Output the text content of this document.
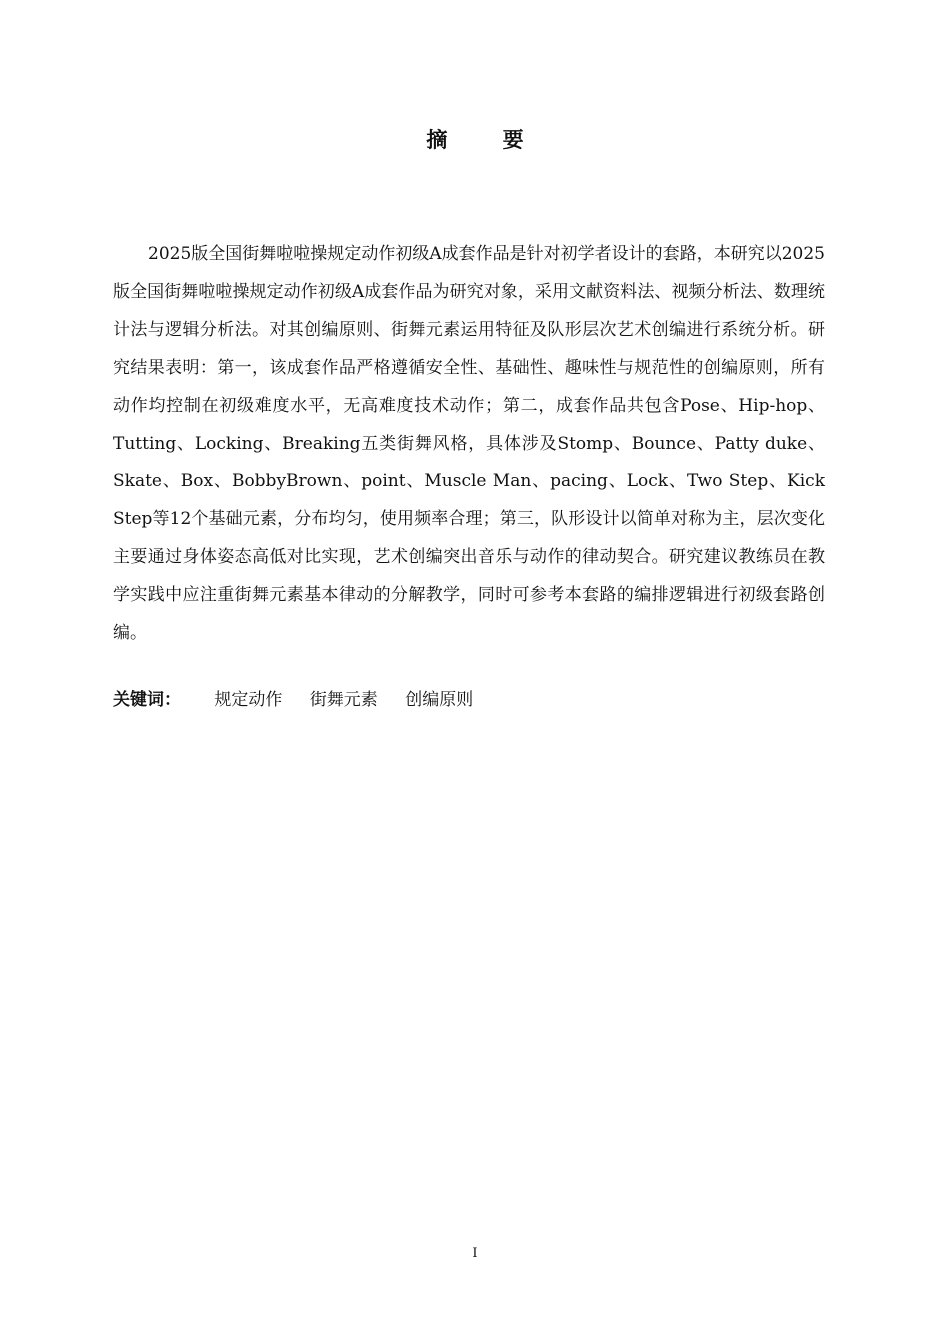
摘 要

2025版全国街舞啦啦操规定动作初级A成套作品是针对初学者设计的套路，本研究以2025版全国街舞啦啦操规定动作初级A成套作品为研究对象，采用文献资料法、视频分析法、数理统计法与逻辑分析法。对其创编原则、街舞元素运用特征及队形层次艺术创编进行系统分析。研究结果表明：第一，该成套作品严格遵循安全性、基础性、趣味性与规范性的创编原则，所有动作均控制在初级难度水平，无高难度技术动作；第二，成套作品共包含Pose、Hip-hop、Tutting、Locking、Breaking五类街舞风格，具体涉及Stomp、Bounce、Patty duke、Skate、Box、BobbyBrown、point、Muscle Man、pacing、Lock、Two Step、Kick Step等12个基础元素，分布均匀，使用频率合理；第三，队形设计以简单对称为主，层次变化主要通过身体姿态高低对比实现，艺术创编突出音乐与动作的律动契合。研究建议教练员在教学实践中应注重街舞元素基本律动的分解教学，同时可参考本套路的编排逻辑进行初级套路创编。

关键词： 规定动作 街舞元素 创编原则

I
